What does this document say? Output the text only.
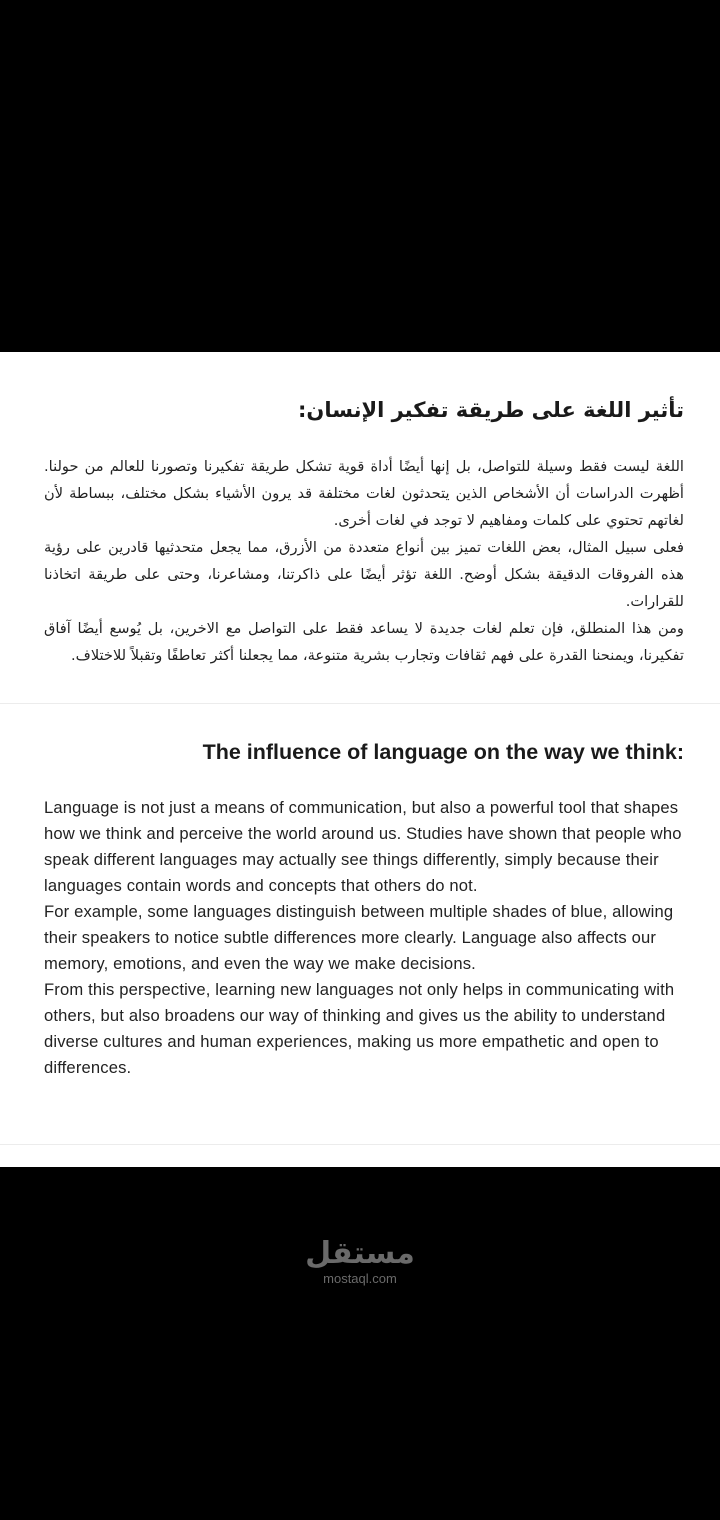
تأثير اللغة على طريقة تفكير الإنسان:

اللغة ليست فقط وسيلة للتواصل، بل إنها أيضًا أداة قوية تشكل طريقة تفكيرنا وتصورنا للعالم من حولنا. أظهرت الدراسات أن الأشخاص الذين يتحدثون لغات مختلفة قد يرون الأشياء بشكل مختلف، ببساطة لأن لغاتهم تحتوي على كلمات ومفاهيم لا توجد في لغات أخرى.

فعلى سبيل المثال، بعض اللغات تميز بين أنواع متعددة من الأزرق، مما يجعل متحدثيها قادرين على رؤية هذه الفروقات الدقيقة بشكل أوضح. اللغة تؤثر أيضًا على ذاكرتنا، ومشاعرنا، وحتى على طريقة اتخاذنا للقرارات.

ومن هذا المنطلق، فإن تعلم لغات جديدة لا يساعد فقط على التواصل مع الاخرين، بل يُوسع أيضًا آفاق تفكيرنا، ويمنحنا القدرة على فهم ثقافات وتجارب بشرية متنوعة، مما يجعلنا أكثر تعاطفًا وتقبلاً للاختلاف.

The influence of language on the way we think:

Language is not just a means of communication, but also a powerful tool that shapes how we think and perceive the world around us. Studies have shown that people who speak different languages may actually see things differently, simply because their languages contain words and concepts that others do not.

For example, some languages distinguish between multiple shades of blue, allowing their speakers to notice subtle differences more clearly. Language also affects our memory, emotions, and even the way we make decisions.

From this perspective, learning new languages not only helps in communicating with others, but also broadens our way of thinking and gives us the ability to understand diverse cultures and human experiences, making us more empathetic and open to differences.

مستقل
mostaql.com
